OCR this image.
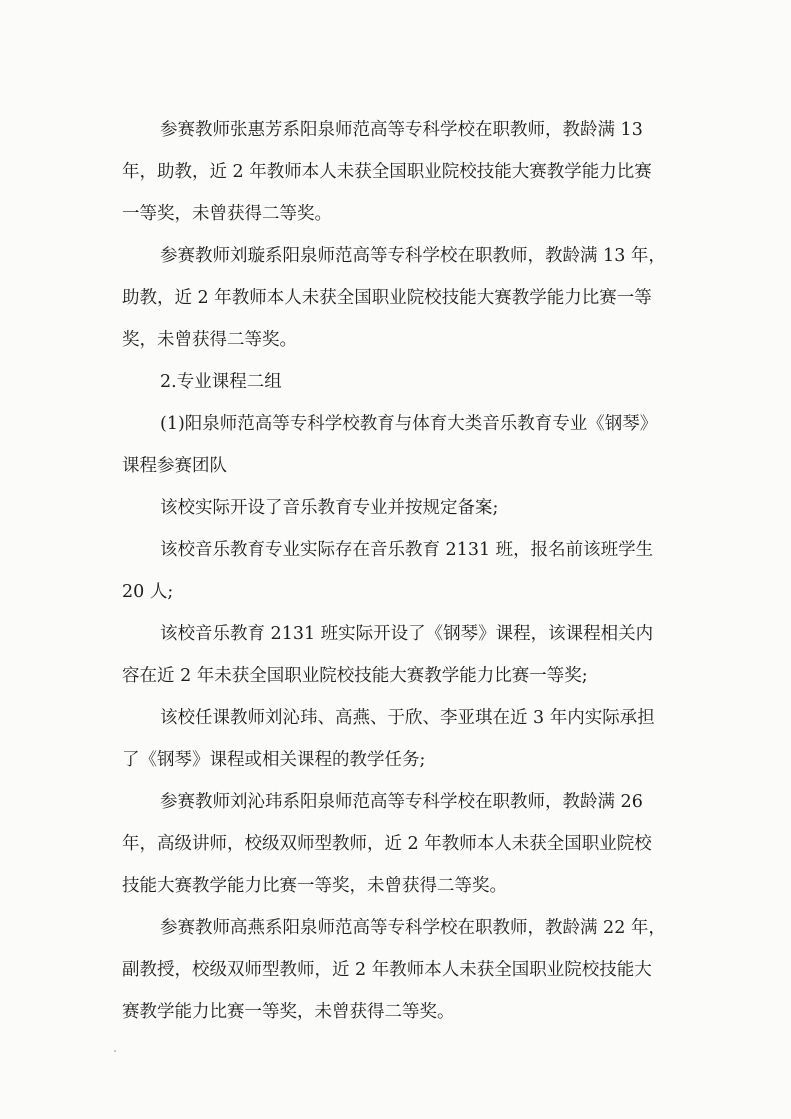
参赛教师张惠芳系阳泉师范高等专科学校在职教师，教龄满 13

年，助教，近 2 年教师本人未获全国职业院校技能大赛教学能力比赛

一等奖，未曾获得二等奖。

参赛教师刘璇系阳泉师范高等专科学校在职教师，教龄满 13 年，

助教，近 2 年教师本人未获全国职业院校技能大赛教学能力比赛一等

奖，未曾获得二等奖。

2.专业课程二组

(1)阳泉师范高等专科学校教育与体育大类音乐教育专业《钢琴》

课程参赛团队

该校实际开设了音乐教育专业并按规定备案;

该校音乐教育专业实际存在音乐教育 2131 班，报名前该班学生

20 人;

该校音乐教育 2131 班实际开设了《钢琴》课程，该课程相关内

容在近 2 年未获全国职业院校技能大赛教学能力比赛一等奖;

该校任课教师刘沁玮、高燕、于欣、李亚琪在近 3 年内实际承担

了《钢琴》课程或相关课程的教学任务;

参赛教师刘沁玮系阳泉师范高等专科学校在职教师，教龄满 26

年，高级讲师，校级双师型教师，近 2 年教师本人未获全国职业院校

技能大赛教学能力比赛一等奖，未曾获得二等奖。

参赛教师高燕系阳泉师范高等专科学校在职教师，教龄满 22 年，

副教授，校级双师型教师，近 2 年教师本人未获全国职业院校技能大

赛教学能力比赛一等奖，未曾获得二等奖。
